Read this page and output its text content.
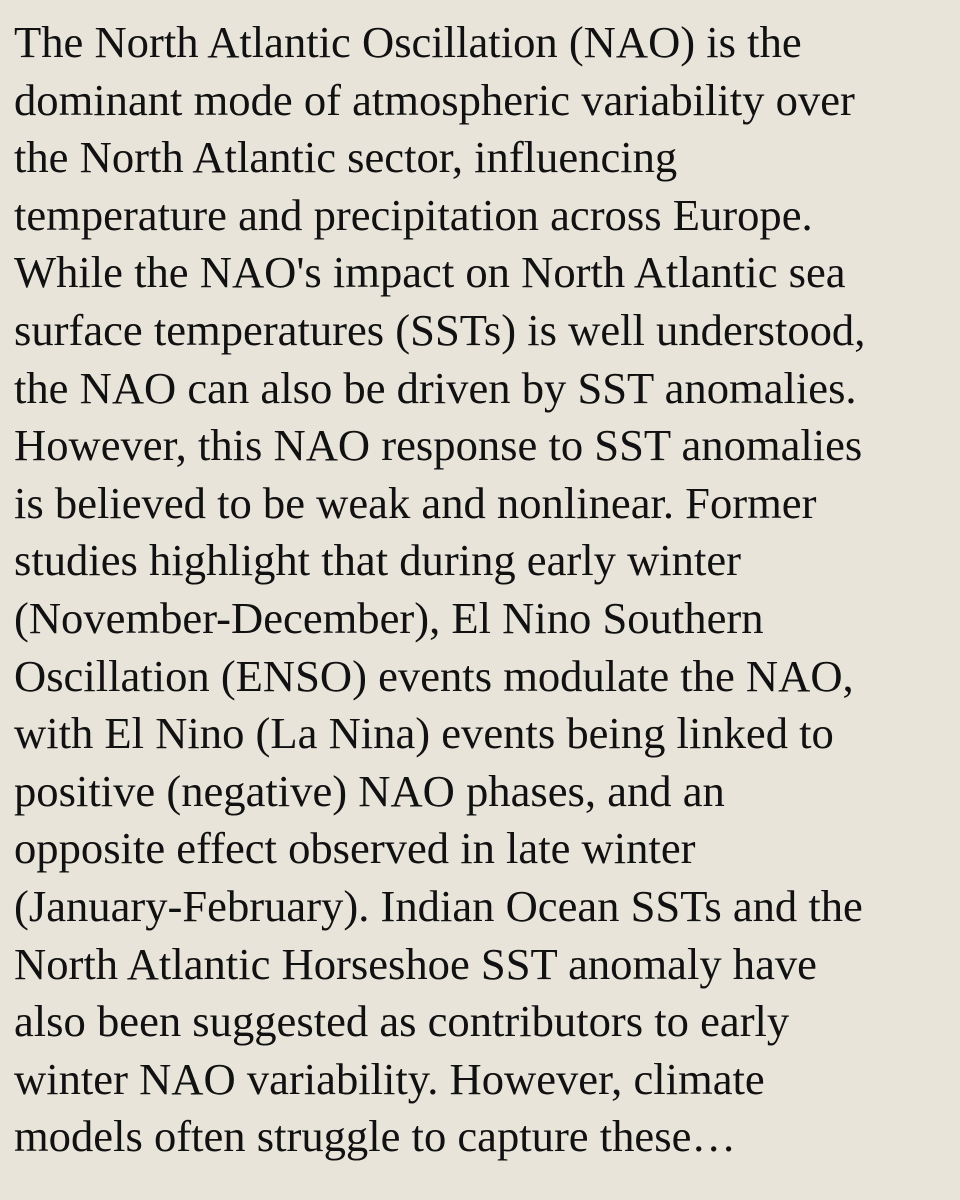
The North Atlantic Oscillation (NAO) is the
dominant mode of atmospheric variability over
the North Atlantic sector, influencing
temperature and precipitation across Europe.
While the NAO's impact on North Atlantic sea
surface temperatures (SSTs) is well understood,
the NAO can also be driven by SST anomalies.
However, this NAO response to SST anomalies
is believed to be weak and nonlinear. Former
studies highlight that during early winter
(November-December), El Nino Southern
Oscillation (ENSO) events modulate the NAO,
with El Nino (La Nina) events being linked to
positive (negative) NAO phases, and an
opposite effect observed in late winter
(January-February). Indian Ocean SSTs and the
North Atlantic Horseshoe SST anomaly have
also been suggested as contributors to early
winter NAO variability. However, climate
models often struggle to capture these…
